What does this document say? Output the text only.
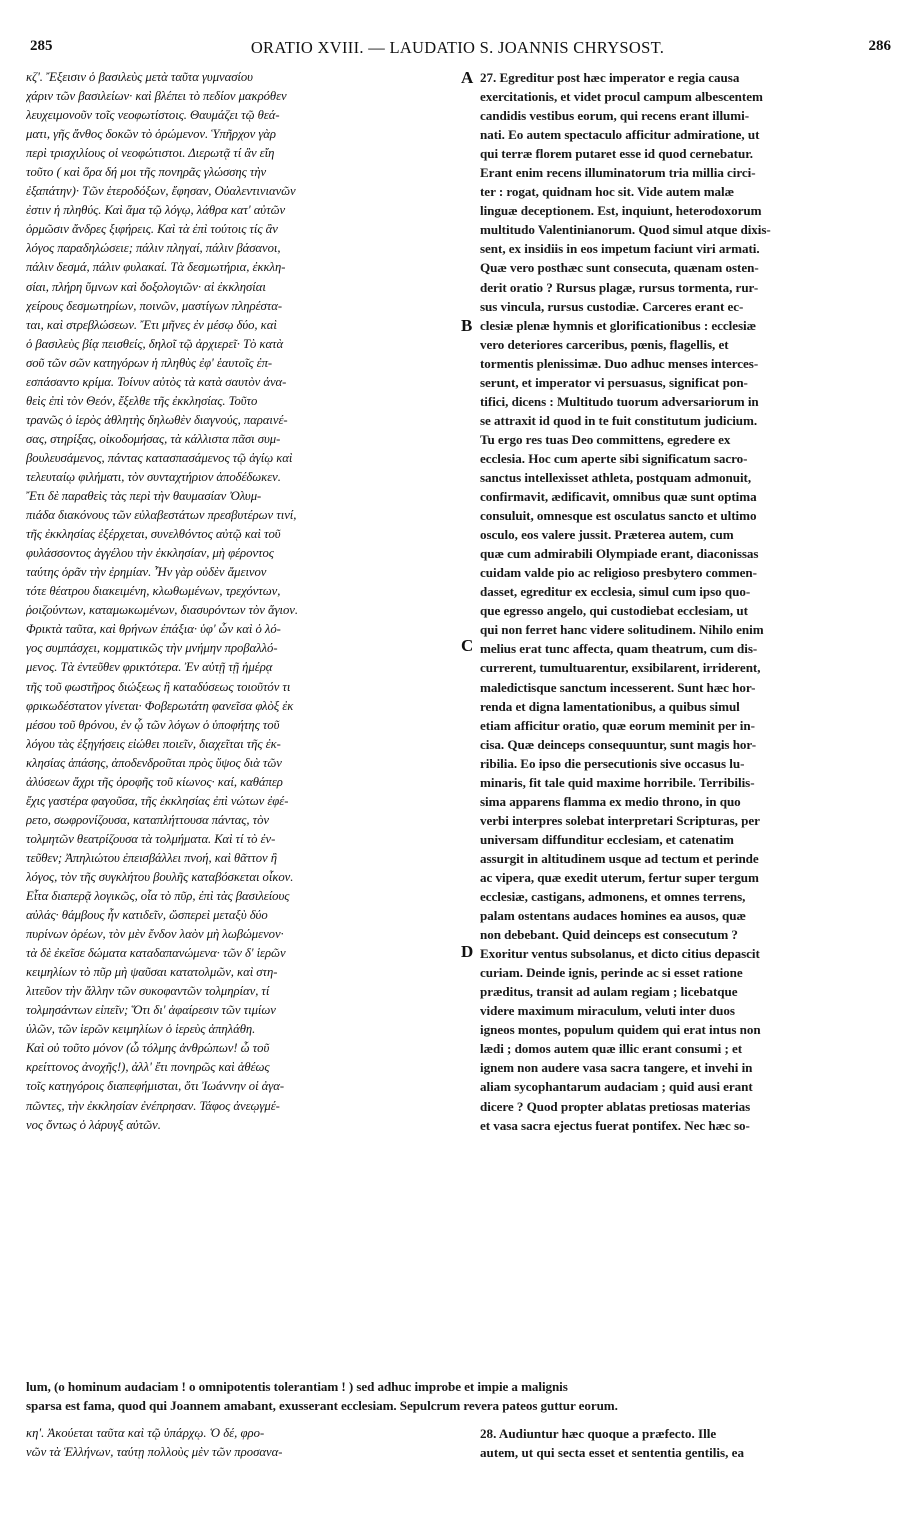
285	ORATIO XVIII. — LAUDATIO S. JOANNIS CHRYSOST.	286
κζ'. Ἔξεισιν ὁ βασιλεὺς μετὰ ταῦτα γυμνασίου
χάριν τῶν βασιλείων· καὶ βλέπει τὸ πεδίον μακρόθεν
λευχειμονοῦν τοῖς νεοφωτίστοις. Θαυμάζει τῷ θεά-
ματι, γῆς ἄνθος δοκῶν τὸ ὁρώμενον. Ὑπῆρχον γὰρ
περὶ τρισχιλίους οἱ νεοφώτιστοι. Διερωτᾷ τί ἂν εἴη
τοῦτο ( καὶ ὅρα δή μοι τῆς πονηρᾶς γλώσσης τὴν
ἐξαπάτην)· Τῶν ἑτεροδόξων, ἔφησαν, Οὐαλεντινιανῶν
ἐστιν ἡ πληθύς. Καὶ ἅμα τῷ λόγῳ, λάθρα κατ' αὐτῶν
ὁρμῶσιν ἄνδρες ξιφήρεις. Καὶ τὰ ἐπὶ τούτοις τίς ἂν
λόγος παραδηλώσειε; πάλιν πληγαί, πάλιν βάσανοι,
πάλιν δεσμά, πάλιν φυλακαί. Τὰ δεσμωτήρια, ἐκκλη-
σίαι, πλήρη ὕμνων καὶ δοξολογιῶν· αἱ ἐκκλησίαι
χείρους δεσμωτηρίων, ποινῶν, μαστίγων πληρέστα-
ται, καὶ στρεβλώσεων. Ἔτι μῆνες ἐν μέσῳ δύο, καὶ
ὁ βασιλεὺς βίᾳ πεισθείς, δηλοῖ τῷ ἀρχιερεῖ· Τὸ κατὰ
σοῦ τῶν σῶν κατηγόρων ἡ πληθὺς ἐφ' ἑαυτοῖς ἐπ-
εσπάσαντο κρίμα. Τοίνυν αὐτὸς τὰ κατὰ σαυτὸν ἀνα-
θεὶς ἐπὶ τὸν Θεόν, ἔξελθε τῆς ἐκκλησίας. Τοῦτο
τρανῶς ὁ ἱερὸς ἀθλητὴς δηλωθὲν διαγνούς, παραινέ-
σας, στηρίξας, οἰκοδομήσας, τὰ κάλλιστα πᾶσι συμ-
βουλευσάμενος, πάντας κατασπασάμενος τῷ ἁγίῳ καὶ
τελευταίῳ φιλήματι, τὸν συνταχτήριον ἀποδέδωκεν.
Ἔτι δὲ παραθεὶς τὰς περὶ τὴν θαυμασίαν Ὀλυμ-
πιάδα διακόνους τῶν εὐλαβεστάτων πρεσβυτέρων τινί,
τῆς ἐκκλησίας ἐξέρχεται, συνελθόντος αὐτῷ καὶ τοῦ
φυλάσσοντος ἀγγέλου τὴν ἐκκλησίαν, μὴ φέροντος
ταύτης ὁρᾶν τὴν ἐρημίαν. Ἦν γὰρ οὐδὲν ἄμεινον
τότε θέατρου διακειμένη, κλωθωμένων, τρεχόντων,
ῥοιζούντων, καταμωκωμένων, διασυρόντων τὸν ἅγιον.
Φρικτὰ ταῦτα, καὶ θρήνων ἐπάξια· ὑφ' ὧν καὶ ὁ λό-
γος συμπάσχει, κομματικῶς τὴν μνήμην προβαλλό-
μενος. Τὰ ἐντεῦθεν φρικτότερα. Ἐν αὐτῇ τῇ ἡμέρᾳ
τῆς τοῦ φωστῆρος διώξεως ἢ καταδύσεως τοιοῦτόν τι
φρικωδέστατον γίνεται· Φοβερωτάτη φανεῖσα φλὸξ ἐκ
μέσου τοῦ θρόνου, ἐν ᾧ τῶν λόγων ὁ ὑποφήτης τοῦ
λόγου τὰς ἐξηγήσεις εἰώθει ποιεῖν, διαχεῖται τῆς ἐκ-
κλησίας ἁπάσης, ἀποδενδροῦται πρὸς ὕψος διὰ τῶν
ἀλύσεων ἄχρι τῆς ὀροφῆς τοῦ κίωνος· καί, καθάπερ
ἔχις γαστέρα φαγοῦσα, τῆς ἐκκλησίας ἐπὶ νώτων ἐφέ-
ρετο, σωφρονίζουσα, καταπλήττουσα πάντας, τὸν
τολμητῶν θεατρίζουσα τὰ τολμήματα. Καὶ τί τὸ ἐν-
τεῦθεν; Ἀπηλιώτου ἐπεισβάλλει πνοή, καὶ θᾶττον ἢ
λόγος, τὸν τῆς συγκλήτου βουλῆς καταβόσκεται οἶκον.
Εἶτα διαπερᾷ λογικῶς, οἷα τὸ πῦρ, ἐπὶ τὰς βασιλείους
αὐλάς· θάμβους ἦν κατιδεῖν, ὥσπερεὶ μεταξὺ δύο
πυρίνων ὀρέων, τὸν μὲν ἔνδον λαὸν μὴ λωβώμενον·
τὰ δὲ ἐκεῖσε δώματα καταδαπανώμενα· τῶν δ' ἱερῶν
κειμηλίων τὸ πῦρ μὴ ψαῦσαι κατατολμῶν, καὶ στη-
λιτεῦον τὴν ἄλλην τῶν συκοφαντῶν τολμηρίαν, τί
τολμησάντων εἰπεῖν; Ὅτι δι' ἀφαίρεσιν τῶν τιμίων
ὑλῶν, τῶν ἱερῶν κειμηλίων ὁ ἱερεὺς ἀπηλάθη.
Καὶ οὐ τοῦτο μόνον (ὦ τόλμης ἀνθρώπων! ὦ τοῦ
κρείττονος ἀνοχῆς!), ἀλλ' ἔτι πονηρῶς καὶ ἀθέως
τοῖς κατηγόροις διαπεφήμισται, ὅτι Ἰωάννην οἱ ἀγα-
πῶντες, τὴν ἐκκλησίαν ἐνέπρησαν. Τάφος ἀνεῳγμέ-
νος ὄντως ὁ λάρυγξ αὐτῶν.
27. Egreditur post hæc imperator e regia causa
exercitationis, et videt procul campum albescentem
candidis vestibus eorum, qui recens erant illumi-
nati. Eo autem spectaculo afficitur admiratione, ut
qui terræ florem putaret esse id quod cernebatur.
Erant enim recens illuminatorum tria millia circi-
ter : rogat, quidnam hoc sit. Vide autem malæ
linguæ deceptionem. Est, inquiunt, heterodoxorum
multitudo Valentinianorum. Quod simul atque dixis-
sent, ex insidiis in eos impetum faciunt viri armati.
Quæ vero posthæc sunt consecuta, quænam osten-
derit oratio ? Rursus plagæ, rursus tormenta, rur-
sus vincula, rursus custodiæ. Carceres erant ec-
clesiæ plenæ hymnis et glorificationibus : ecclesiæ
vero deteriores carceribus, pœnis, flagellis, et
tormentis plenissimæ. Duo adhuc menses interces-
serunt, et imperator vi persuasus, significat pon-
tifici, dicens : Multitudo tuorum adversariorum in
se attraxit id quod in te fuit constitutum judicium.
Tu ergo res tuas Deo committens, egredere ex
ecclesia. Hoc cum aperte sibi significatum sacro-
sanctus intellexisset athleta, postquam admonuit,
confirmavit, ædificavit, omnibus quæ sunt optima
consuluit, omnesque est osculatus sancto et ultimo
osculo, eos valere jussit. Præterea autem, cum
quæ cum admirabili Olympiade erant, diaconissas
cuidam valde pio ac religioso presbytero commen-
dasset, egreditur ex ecclesia, simul cum ipso quo-
que egresso angelo, qui custodiebat ecclesiam, ut
qui non ferret hanc videre solitudinem. Nihilo enim
melius erat tunc affecta, quam theatrum, cum dis-
currerent, tumultuarentur, exsibilarent, irriderent,
maledictisque sanctum incesserent. Sunt hæc hor-
renda et digna lamentationibus, a quibus simul
etiam afficitur oratio, quæ eorum meminit per in-
cisa. Quæ deinceps consequuntur, sunt magis hor-
ribilia. Eo ipso die persecutionis sive occasus lu-
minaris, fit tale quid maxime horribile. Terribilis-
sima apparens flamma ex medio throno, in quo
verbi interpres solebat interpretari Scripturas, per
universam diffunditur ecclesiam, et catenatim
assurgit in altitudinem usque ad tectum et perinde
ac vipera, quæ exedit uterum, fertur super tergum
ecclesiæ, castigans, admonens, et omnes terrens,
palam ostentans audaces homines ea ausos, quæ
non debebant. Quid deinceps est consecutum ?
Exoritur ventus subsolanus, et dicto citius depascit
curiam. Deinde ignis, perinde ac si esset ratione
præditus, transit ad aulam regiam ; licebatque
videre maximum miraculum, veluti inter duos
igneos montes, populum quidem qui erat intus non
lædi ; domos autem quæ illic erant consumi ; et
ignem non audere vasa sacra tangere, et invehi in
aliam sycophantarum audaciam ; quid ausi erant
dicere ? Quod propter ablatas pretiosas materias
et vasa sacra ejectus fuerat pontifex. Nec hæc so-
A
B
C
D
lum, (o hominum audaciam ! o omnipotentis tolerantiam ! ) sed adhuc improbe et impie a malignis
sparsa est fama, quod qui Joannem amabant, exusserant ecclesiam. Sepulcrum revera pateos guttur eorum.
κη'. Ἀκούεται ταῦτα καὶ τῷ ὑπάρχῳ. Ὁ δέ, φρο-
νῶν τὰ Ἑλλήνων, ταύτῃ πολλοὺς μὲν τῶν προσανα-
28. Audiuntur hæc quoque a præfecto. Ille
autem, ut qui secta esset et sententia gentilis, ea
